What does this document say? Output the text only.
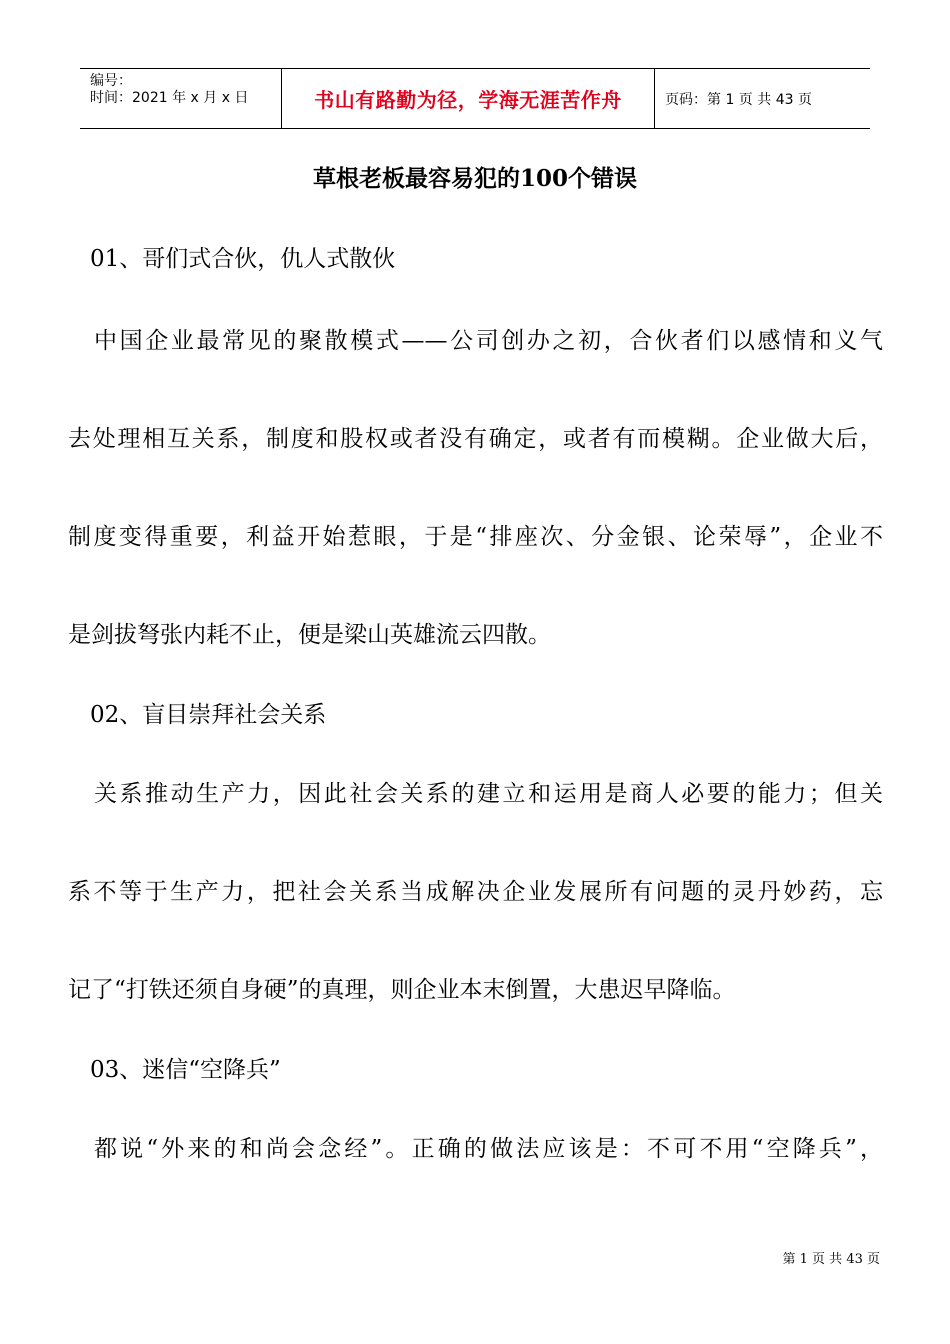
编号：
时间：2021 年 x 月 x 日	书山有路勤为径，学海无涯苦作舟	页码：第 1 页 共 43 页
草根老板最容易犯的100个错误
01、哥们式合伙，仇人式散伙
中国企业最常见的聚散模式——公司创办之初，合伙者们以感情和义气
去处理相互关系，制度和股权或者没有确定，或者有而模糊。企业做大后，
制度变得重要，利益开始惹眼，于是“排座次、分金银、论荣辱”，企业不
是剑拔弩张内耗不止，便是梁山英雄流云四散。
02、盲目崇拜社会关系
关系推动生产力，因此社会关系的建立和运用是商人必要的能力；但关
系不等于生产力，把社会关系当成解决企业发展所有问题的灵丹妙药，忘
记了“打铁还须自身硬”的真理，则企业本末倒置，大患迟早降临。
03、迷信“空降兵”
都说“外来的和尚会念经”。正确的做法应该是：不可不用“空降兵”，
第 1 页 共 43 页
